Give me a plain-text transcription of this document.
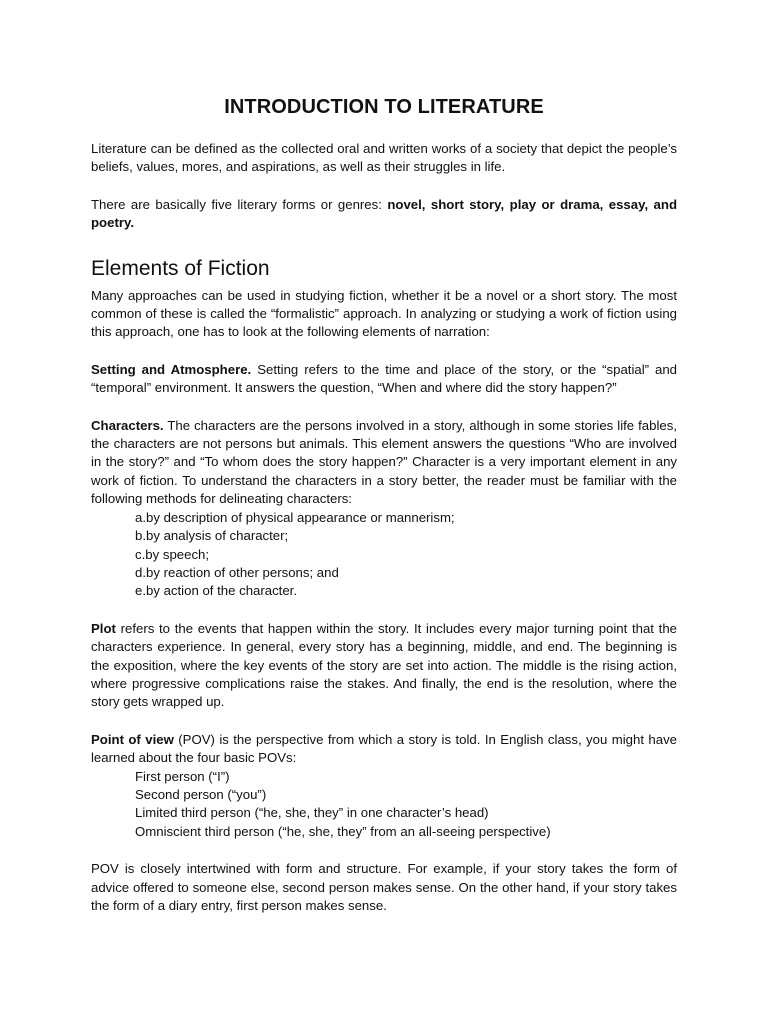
INTRODUCTION TO LITERATURE

Literature can be defined as the collected oral and written works of a society that depict the people’s beliefs, values, mores, and aspirations, as well as their struggles in life.

There are basically five literary forms or genres: novel, short story, play or drama, essay, and poetry.

Elements of Fiction

Many approaches can be used in studying fiction, whether it be a novel or a short story. The most common of these is called the “formalistic” approach. In analyzing or studying a work of fiction using this approach, one has to look at the following elements of narration:

Setting and Atmosphere. Setting refers to the time and place of the story, or the “spatial” and “temporal” environment. It answers the question, “When and where did the story happen?”

Characters. The characters are the persons involved in a story, although in some stories life fables, the characters are not persons but animals. This element answers the questions “Who are involved in the story?” and “To whom does the story happen?” Character is a very important element in any work of fiction. To understand the characters in a story better, the reader must be familiar with the following methods for delineating characters:

a.by description of physical appearance or mannerism;
b.by analysis of character;
c.by speech;
d.by reaction of other persons; and
e.by action of the character.

Plot refers to the events that happen within the story. It includes every major turning point that the characters experience. In general, every story has a beginning, middle, and end. The beginning is the exposition, where the key events of the story are set into action. The middle is the rising action, where progressive complications raise the stakes. And finally, the end is the resolution, where the story gets wrapped up.

Point of view (POV) is the perspective from which a story is told. In English class, you might have learned about the four basic POVs:

First person (“I”)
Second person (“you”)
Limited third person (“he, she, they” in one character’s head)
Omniscient third person (“he, she, they” from an all-seeing perspective)

POV is closely intertwined with form and structure. For example, if your story takes the form of advice offered to someone else, second person makes sense. On the other hand, if your story takes the form of a diary entry, first person makes sense.
